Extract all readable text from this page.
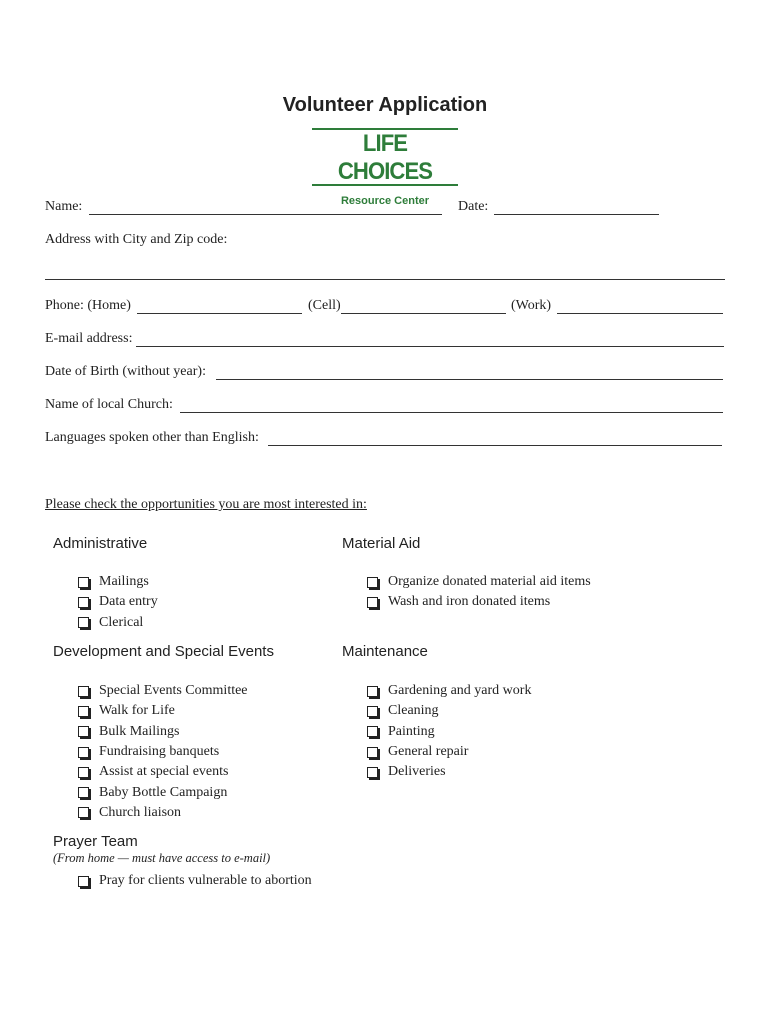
Volunteer Application
LIFE CHOICES
Resource Center
Name:	Date:
Address with City and Zip code:
Phone: (Home)	(Cell)	(Work)
E-mail address:
Date of Birth (without year):
Name of local Church:
Languages spoken other than English:
Please check the opportunities you are most interested in:
Administrative
Mailings
Data entry
Clerical
Material Aid
Organize donated material aid items
Wash and iron donated items
Development and Special Events
Special Events Committee
Walk for Life
Bulk Mailings
Fundraising banquets
Assist at special events
Baby Bottle Campaign
Church liaison
Maintenance
Gardening and yard work
Cleaning
Painting
General repair
Deliveries
Prayer Team
(From home — must have access to e-mail)
Pray for clients vulnerable to abortion
